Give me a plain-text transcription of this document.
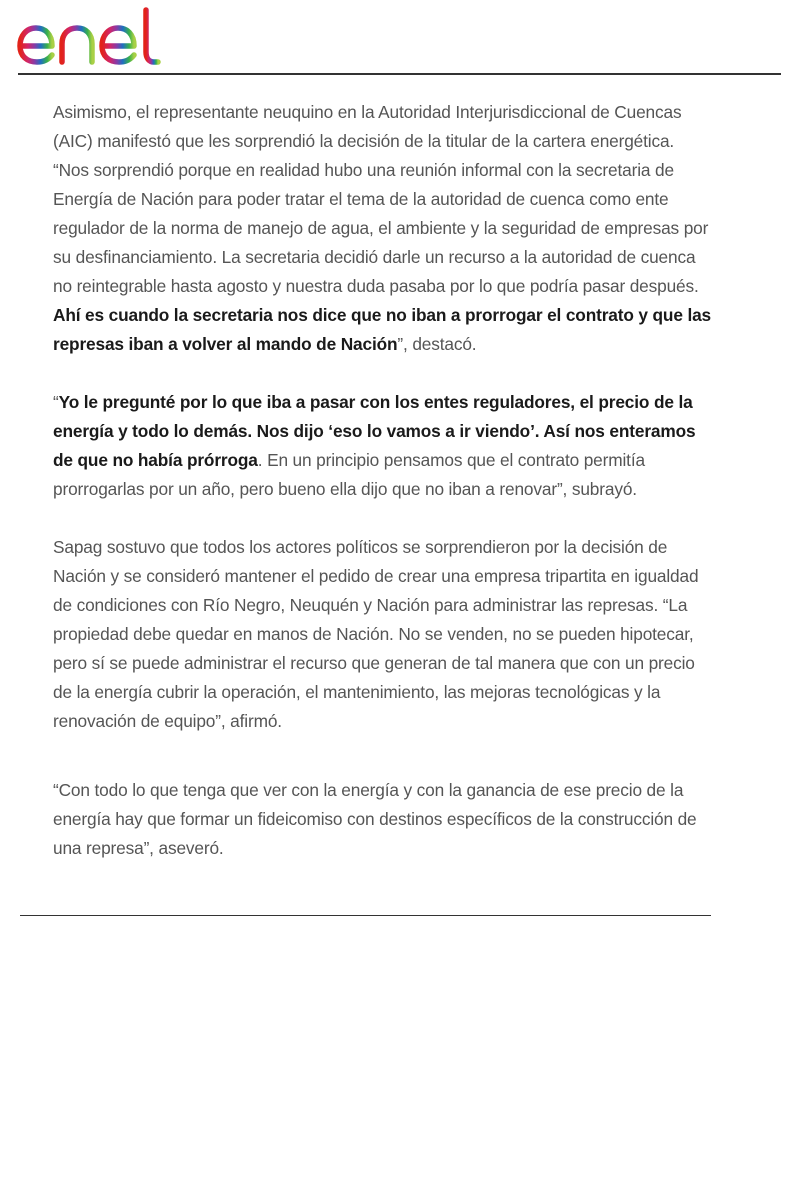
Asimismo, el representante neuquino en la Autoridad Interjurisdiccional de Cuencas (AIC) manifestó que les sorprendió la decisión de la titular de la cartera energética. “Nos sorprendió porque en realidad hubo una reunión informal con la secretaria de Energía de Nación para poder tratar el tema de la autoridad de cuenca como ente regulador de la norma de manejo de agua, el ambiente y la seguridad de empresas por su desfinanciamiento. La secretaria decidió darle un recurso a la autoridad de cuenca no reintegrable hasta agosto y nuestra duda pasaba por lo que podría pasar después. Ahí es cuando la secretaria nos dice que no iban a prorrogar el contrato y que las represas iban a volver al mando de Nación”, destacó.

“Yo le pregunté por lo que iba a pasar con los entes reguladores, el precio de la energía y todo lo demás. Nos dijo ‘eso lo vamos a ir viendo’. Así nos enteramos de que no había prórroga. En un principio pensamos que el contrato permitía prorrogarlas por un año, pero bueno ella dijo que no iban a renovar”, subrayó.

Sapag sostuvo que todos los actores políticos se sorprendieron por la decisión de Nación y se consideró mantener el pedido de crear una empresa tripartita en igualdad de condiciones con Río Negro, Neuquén y Nación para administrar las represas. “La propiedad debe quedar en manos de Nación. No se venden, no se pueden hipotecar, pero sí se puede administrar el recurso que generan de tal manera que con un precio de la energía cubrir la operación, el mantenimiento, las mejoras tecnológicas y la renovación de equipo”, afirmó.

“Con todo lo que tenga que ver con la energía y con la ganancia de ese precio de la energía hay que formar un fideicomiso con destinos específicos de la construcción de una represa”, aseveró.
